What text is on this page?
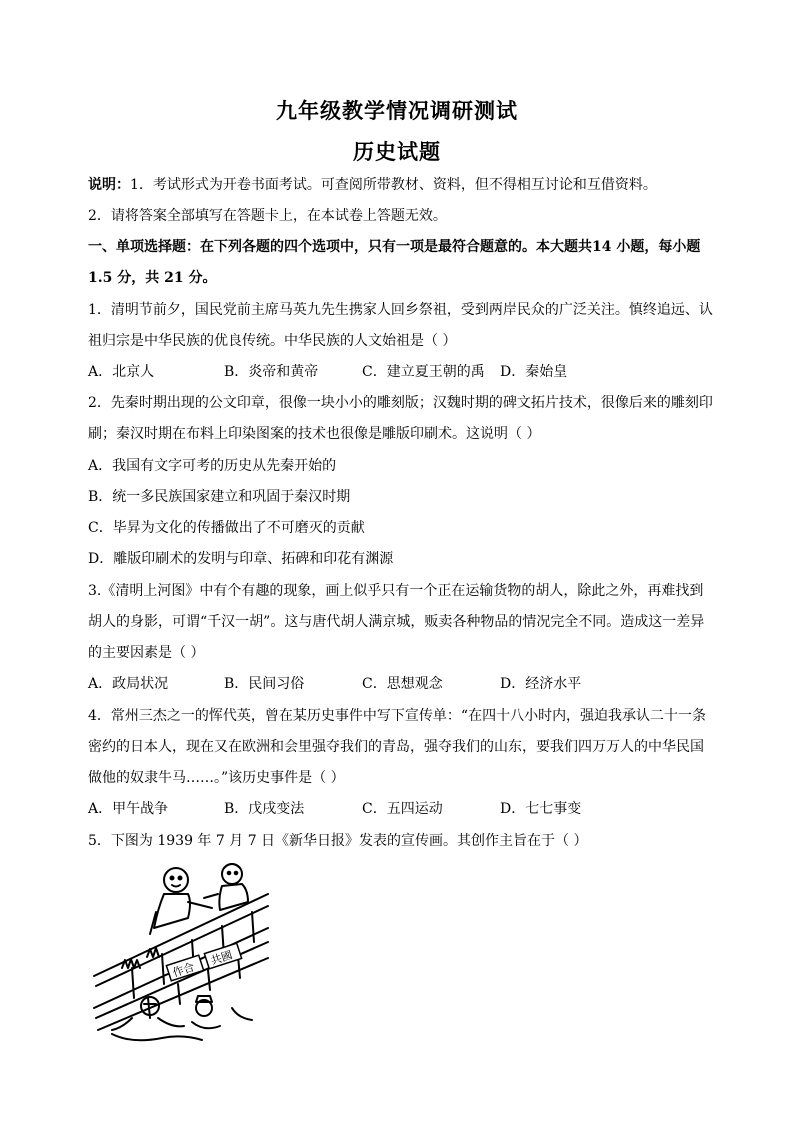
九年级教学情况调研测试
历史试题
说明：1．考试形式为开卷书面考试。可查阅所带教材、资料，但不得相互讨论和互借资料。
2．请将答案全部填写在答题卡上，在本试卷上答题无效。
一、单项选择题：在下列各题的四个选项中，只有一项是最符合题意的。本大题共14 小题，每小题
1.5 分，共 21 分。
1．清明节前夕，国民党前主席马英九先生携家人回乡祭祖，受到两岸民众的广泛关注。慎终追远、认
祖归宗是中华民族的优良传统。中华民族的人文始祖是（ ）
A．北京人	B．炎帝和黄帝	C．建立夏王朝的禹 D．秦始皇
2．先秦时期出现的公文印章，很像一块小小的雕刻版；汉魏时期的碑文拓片技术，很像后来的雕刻印
刷；秦汉时期在布料上印染图案的技术也很像是雕版印刷术。这说明（ ）
A．我国有文字可考的历史从先秦开始的
B．统一多民族国家建立和巩固于秦汉时期
C．毕昇为文化的传播做出了不可磨灭的贡献
D．雕版印刷术的发明与印章、拓碑和印花有渊源
3.《清明上河图》中有个有趣的现象，画上似乎只有一个正在运输货物的胡人，除此之外，再难找到
胡人的身影，可谓“千汉一胡”。这与唐代胡人满京城，贩卖各种物品的情况完全不同。造成这一差异
的主要因素是（ ）
A．政局状况	B．民间习俗	C．思想观念	D．经济水平
4．常州三杰之一的恽代英，曾在某历史事件中写下宣传单：“在四十八小时内，强迫我承认二十一条
密约的日本人，现在又在欧洲和会里强夺我们的青岛，强夺我们的山东，要我们四万万人的中华民国
做他的奴隶牛马……。”该历史事件是（ ）
A．甲午战争	B．戊戌变法	C．五四运动	D．七七事变
5．下图为 1939 年 7 月 7 日《新华日报》发表的宣传画。其创作主旨在于（ ）
作合
共國
